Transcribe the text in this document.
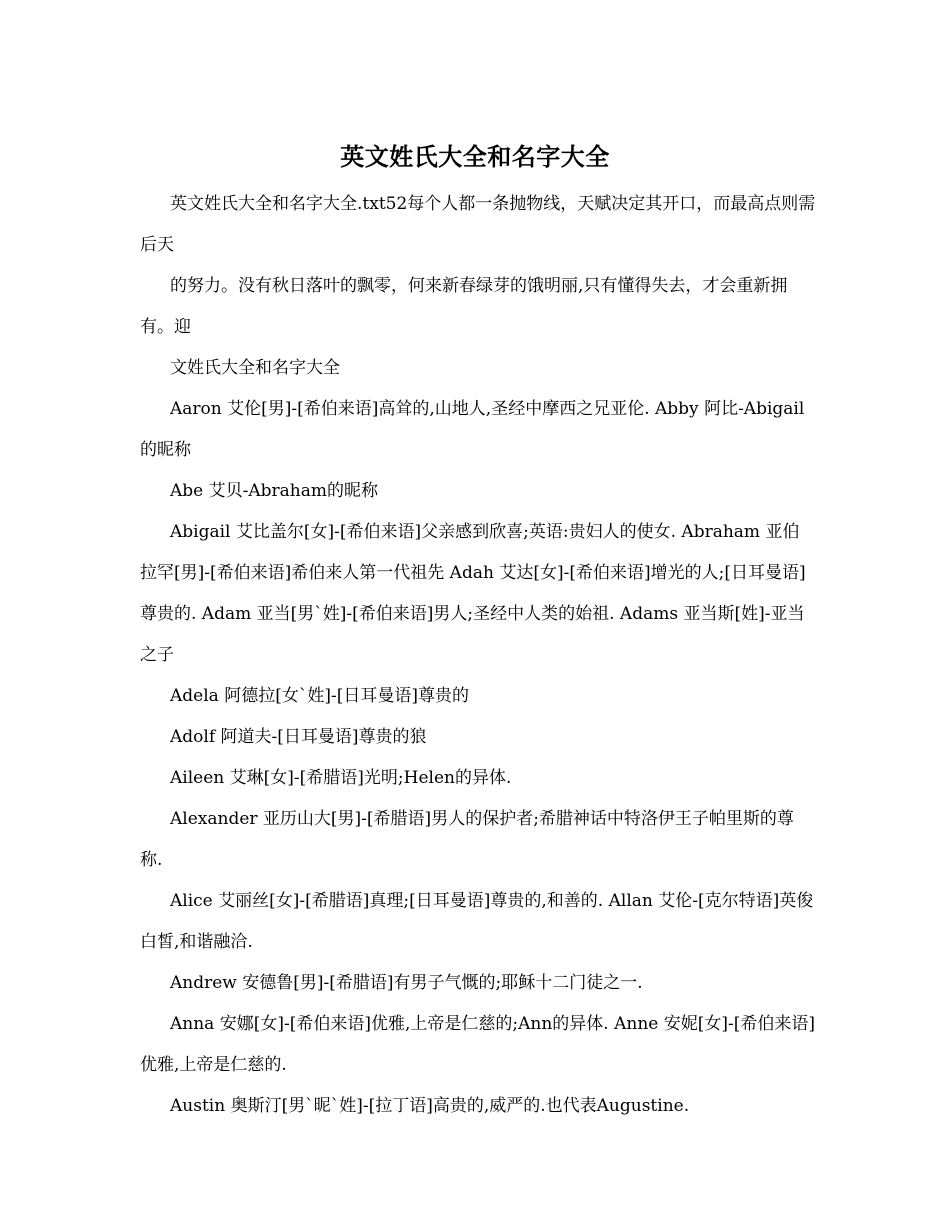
英文姓氏大全和名字大全

英文姓氏大全和名字大全.txt52每个人都一条抛物线，天赋决定其开口，而最高点则需后天

的努力。没有秋日落叶的飘零，何来新春绿芽的饿明丽,只有懂得失去，才会重新拥有。迎

文姓氏大全和名字大全

Aaron 艾伦[男]-[希伯来语]高耸的,山地人,圣经中摩西之兄亚伦. Abby 阿比-Abigail的昵称

Abe 艾贝-Abraham的昵称

Abigail 艾比盖尔[女]-[希伯来语]父亲感到欣喜;英语:贵妇人的使女. Abraham 亚伯拉罕[男]-[希伯来语]希伯来人第一代祖先 Adah 艾达[女]-[希伯来语]增光的人;[日耳曼语]尊贵的. Adam 亚当[男`姓]-[希伯来语]男人;圣经中人类的始祖. Adams 亚当斯[姓]-亚当之子

Adela 阿德拉[女`姓]-[日耳曼语]尊贵的

Adolf 阿道夫-[日耳曼语]尊贵的狼

Aileen 艾琳[女]-[希腊语]光明;Helen的异体.

Alexander 亚历山大[男]-[希腊语]男人的保护者;希腊神话中特洛伊王子帕里斯的尊称.

Alice 艾丽丝[女]-[希腊语]真理;[日耳曼语]尊贵的,和善的. Allan 艾伦-[克尔特语]英俊白皙,和谐融洽.

Andrew 安德鲁[男]-[希腊语]有男子气慨的;耶稣十二门徒之一.

Anna 安娜[女]-[希伯来语]优雅,上帝是仁慈的;Ann的异体. Anne 安妮[女]-[希伯来语]优雅,上帝是仁慈的.

Austin 奥斯汀[男`昵`姓]-[拉丁语]高贵的,威严的.也代表Augustine.
